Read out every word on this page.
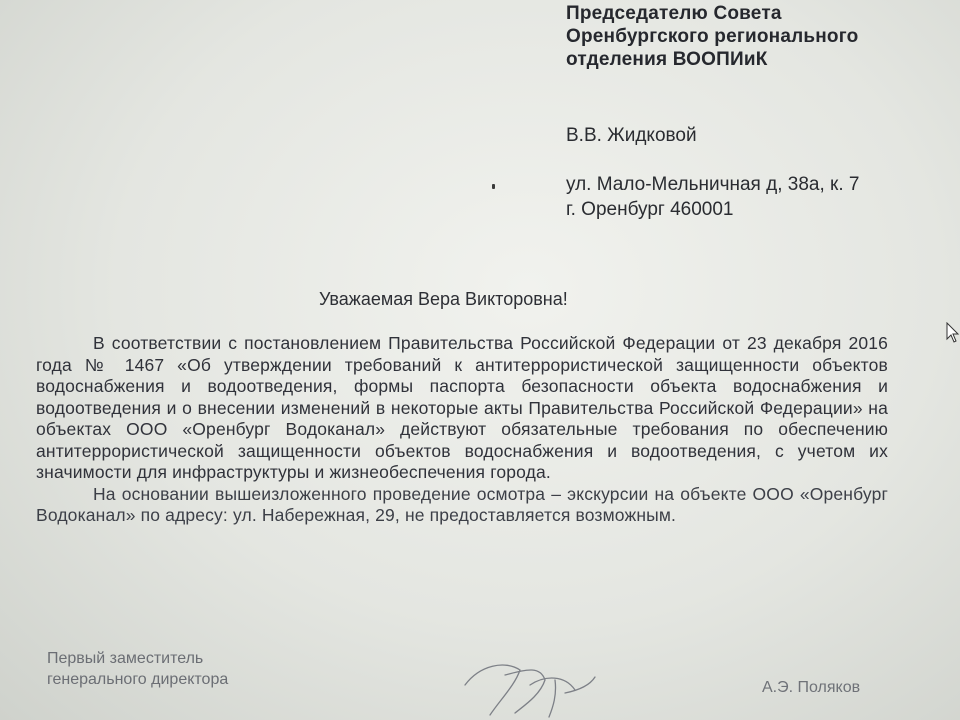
Председателю Совета
Оренбургского регионального
отделения ВООПИиК
В.В. Жидковой
ул. Мало-Мельничная д, 38а, к. 7
г. Оренбург 460001
Уважаемая Вера Викторовна!

В соответствии с постановлением Правительства Российской Федерации от 23 декабря 2016 года № 1467 «Об утверждении требований к антитеррористической защищенности объектов водоснабжения и водоотведения, формы паспорта безопасности объекта водоснабжения и водоотведения и о внесении изменений в некоторые акты Правительства Российской Федерации» на объектах ООО «Оренбург Водоканал» действуют обязательные требования по обеспечению антитеррористической защищенности объектов водоснабжения и водоотведения, с учетом их значимости для инфраструктуры и жизнеобеспечения города.

На основании вышеизложенного проведение осмотра – экскурсии на объекте ООО «Оренбург Водоканал» по адресу: ул. Набережная, 29, не предоставляется возможным.

Первый заместитель
генерального директора	А.Э. Поляков
